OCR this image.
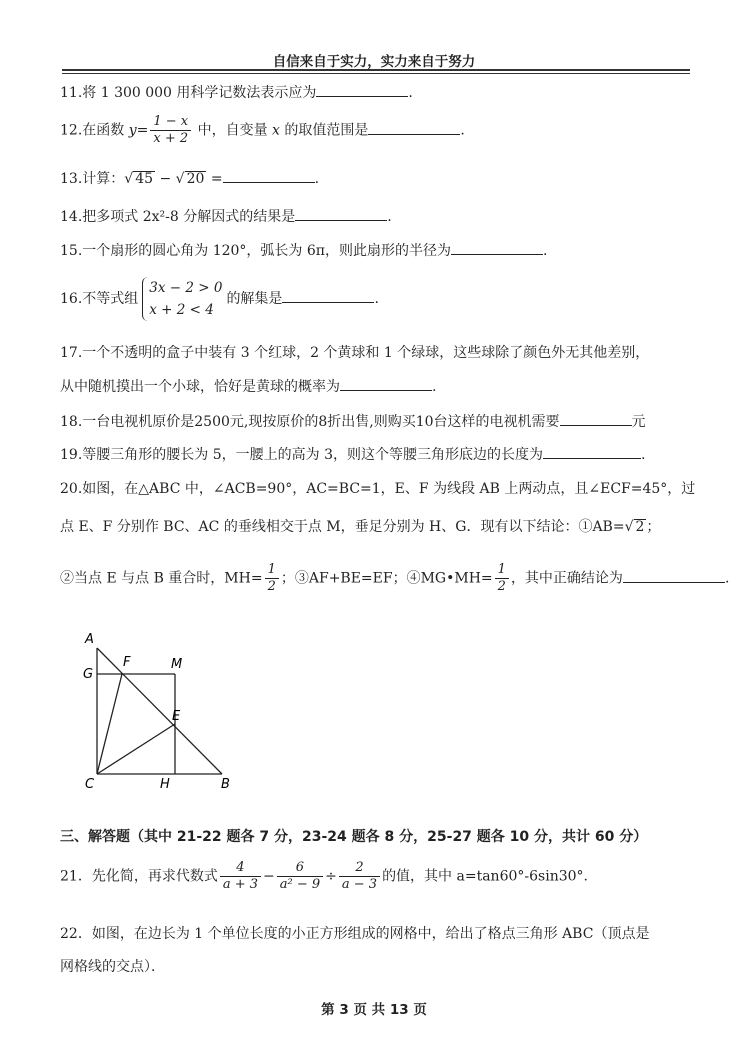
自信来自于实力，实力来自于努力
11.将 1 300 000 用科学记数法表示应为	.
12.在函数 $y= \frac{1 - x}{x + 2}$ 中，自变量 x 的取值范围是	.
13.计算：√ 45 − √ 20 =	.
14.把多项式 2x²-8 分解因式的结果是	.
15.一个扇形的圆心角为 120°，弧长为 6π，则此扇形的半径为	.
16.不等式组
3x − 2 > 0
x + 2 < 4
的解集是	.
17.一个不透明的盒子中装有 3 个红球，2 个黄球和 1 个绿球，这些球除了颜色外无其他差别，
从中随机摸出一个小球，恰好是黄球的概率为	.
18.一台电视机原价是2500元,现按原价的8折出售,则购买10台这样的电视机需要	元
19.等腰三角形的腰长为 5，一腰上的高为 3，则这个等腰三角形底边的长度为	.
20.如图，在△ABC 中，∠ACB=90°，AC=BC=1，E、F 为线段 AB 上两动点，且∠ECF=45°，过
点 E、F 分别作 BC、AC 的垂线相交于点 M，垂足分别为 H、G．现有以下结论：①AB=√ 2 ；
②当点 E 与点 B 重合时，$MH= \frac{1}{2}$ ；③AF+BE=EF；④MG•MH= $\frac{1}{2}$ ，其中正确结论为	.
A
G
F	M
E
C	H	B
三、解答题（其中 21-22 题各 7 分，23-24 题各 8 分，25-27 题各 10 分，共计 60 分）
21．先化简，再求代数式 $\frac{4}{a + 3} - \frac{6}{\text{a² − 9}} \div \frac{2}{a - 3}$ 的值，其中 a=tan60°-6sin30°.
22．如图，在边长为 1 个单位长度的小正方形组成的网格中，给出了格点三角形 ABC（顶点是
网格线的交点）．
第 3 页 共 13 页
